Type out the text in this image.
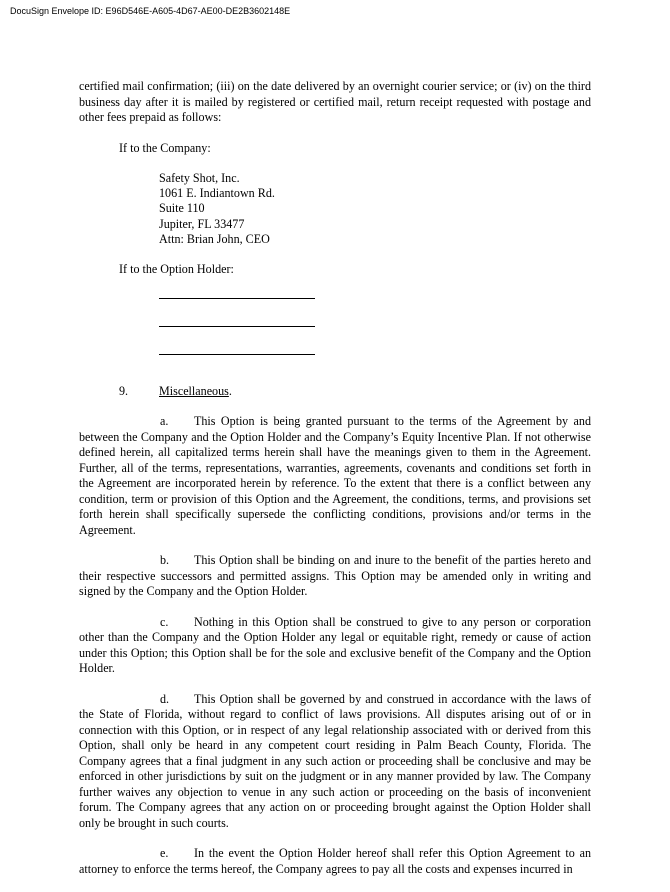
DocuSign Envelope ID: E96D546E-A605-4D67-AE00-DE2B3602148E

certified mail confirmation; (iii) on the date delivered by an overnight courier service; or (iv) on the third business day after it is mailed by registered or certified mail, return receipt requested with postage and other fees prepaid as follows:

If to the Company:

Safety Shot, Inc.
1061 E. Indiantown Rd.
Suite 110
Jupiter, FL 33477
Attn: Brian John, CEO

If to the Option Holder:

9.	Miscellaneous.

a. This Option is being granted pursuant to the terms of the Agreement by and between the Company and the Option Holder and the Company’s Equity Incentive Plan. If not otherwise defined herein, all capitalized terms herein shall have the meanings given to them in the Agreement. Further, all of the terms, representations, warranties, agreements, covenants and conditions set forth in the Agreement are incorporated herein by reference. To the extent that there is a conflict between any condition, term or provision of this Option and the Agreement, the conditions, terms, and provisions set forth herein shall specifically supersede the conflicting conditions, provisions and/or terms in the Agreement.

b. This Option shall be binding on and inure to the benefit of the parties hereto and their respective successors and permitted assigns. This Option may be amended only in writing and signed by the Company and the Option Holder.

c. Nothing in this Option shall be construed to give to any person or corporation other than the Company and the Option Holder any legal or equitable right, remedy or cause of action under this Option; this Option shall be for the sole and exclusive benefit of the Company and the Option Holder.

d. This Option shall be governed by and construed in accordance with the laws of the State of Florida, without regard to conflict of laws provisions. All disputes arising out of or in connection with this Option, or in respect of any legal relationship associated with or derived from this Option, shall only be heard in any competent court residing in Palm Beach County, Florida. The Company agrees that a final judgment in any such action or proceeding shall be conclusive and may be enforced in other jurisdictions by suit on the judgment or in any manner provided by law. The Company further waives any objection to venue in any such action or proceeding on the basis of inconvenient forum. The Company agrees that any action on or proceeding brought against the Option Holder shall only be brought in such courts.

e. In the event the Option Holder hereof shall refer this Option Agreement to an attorney to enforce the terms hereof, the Company agrees to pay all the costs and expenses incurred in
